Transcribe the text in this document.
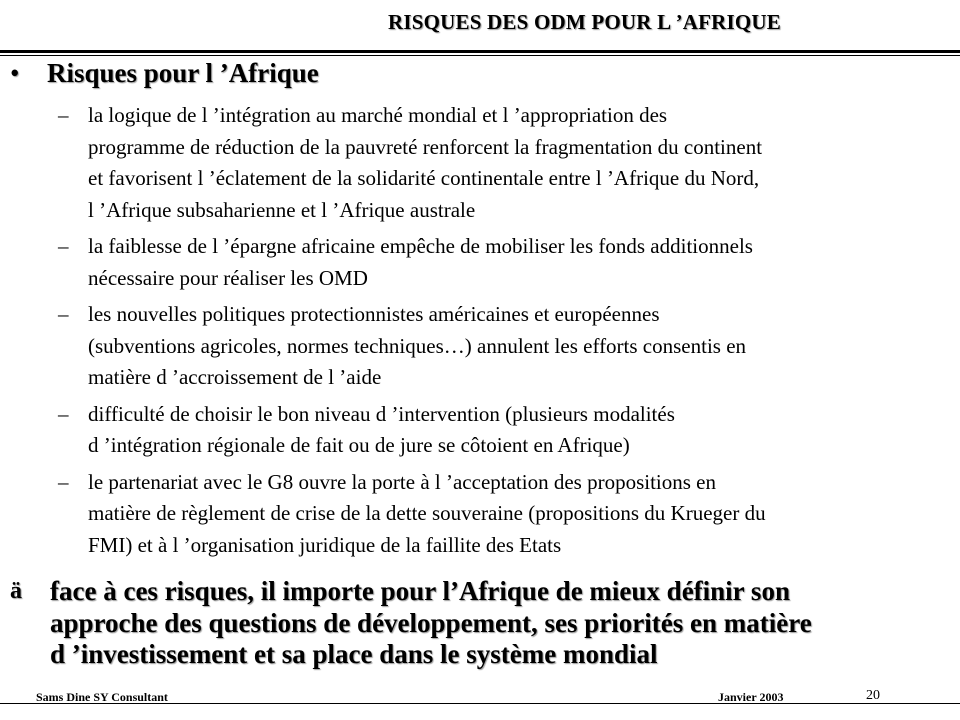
RISQUES DES ODM POUR L ’AFRIQUE
• Risques pour l ’Afrique
– la logique de l ’intégration au marché mondial et l ’appropriation des
programme de réduction de la pauvreté renforcent la fragmentation du continent
et favorisent l ’éclatement de la solidarité continentale entre l ’Afrique du Nord,
l ’Afrique subsaharienne et l ’Afrique australe
– la faiblesse de l ’épargne africaine empêche de mobiliser les fonds additionnels
nécessaire pour réaliser les OMD
– les nouvelles politiques protectionnistes américaines et européennes
(subventions agricoles, normes techniques…) annulent les efforts consentis en
matière d ’accroissement de l ’aide
– difficulté de choisir le bon niveau d ’intervention (plusieurs modalités
d ’intégration régionale de fait ou de jure se côtoient en Afrique)
– le partenariat avec le G8 ouvre la porte à l ’acceptation des propositions en
matière de règlement de crise de la dette souveraine (propositions du Krueger du
FMI) et à l ’organisation juridique de la faillite des Etats
ä	face à ces risques, il importe pour l’Afrique de mieux définir son
approche des questions de développement, ses priorités en matière
d ’investissement et sa place dans le système mondial
Sams Dine SY Consultant	Janvier 2003	20
